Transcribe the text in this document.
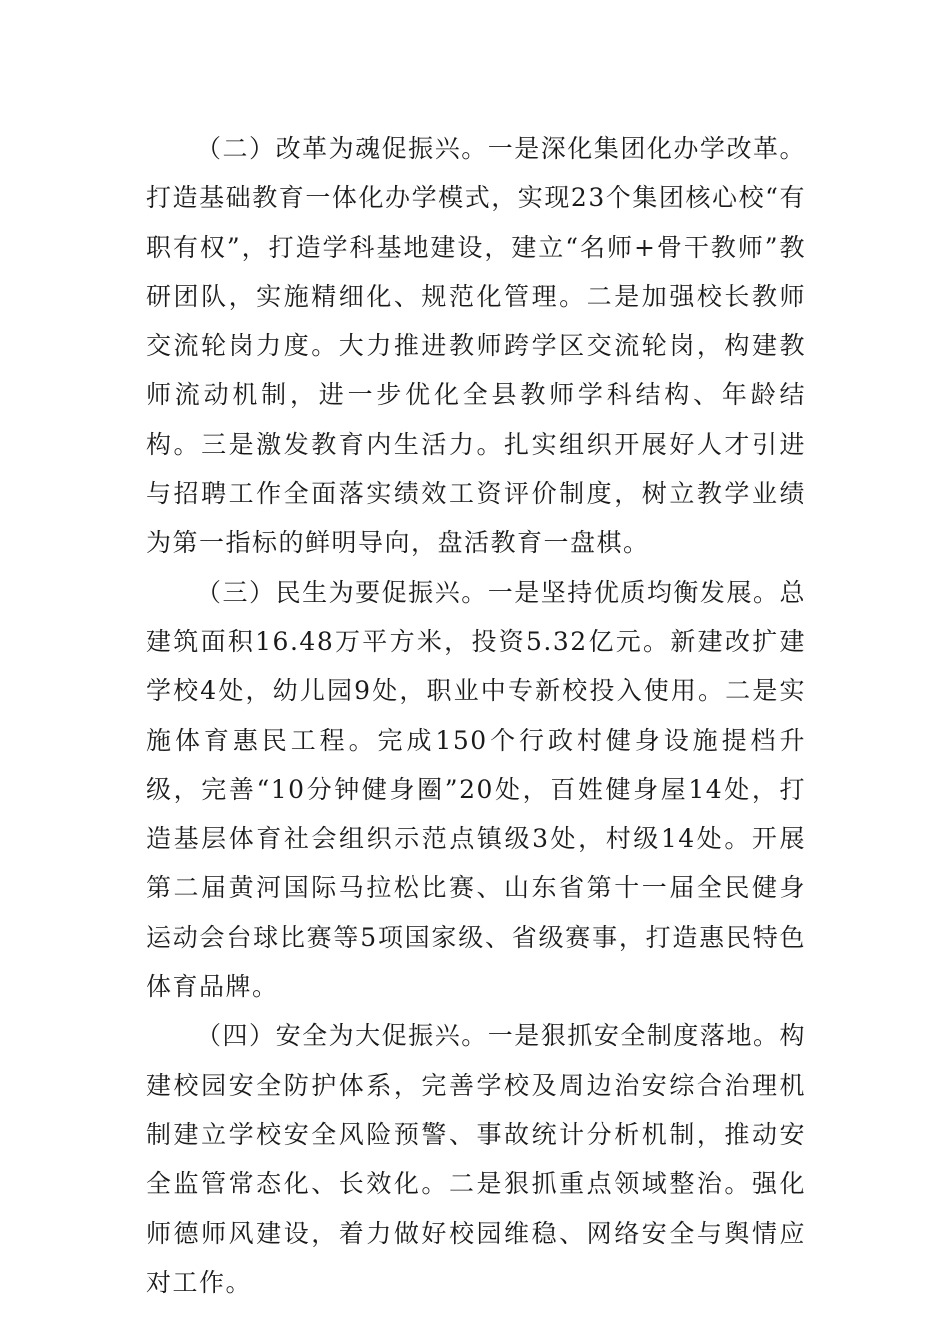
（二）改革为魂促振兴。一是深化集团化办学改革。打造基础教育一体化办学模式，实现23个集团核心校“有职有权”，打造学科基地建设，建立“名师+骨干教师”教研团队，实施精细化、规范化管理。二是加强校长教师交流轮岗力度。大力推进教师跨学区交流轮岗，构建教师流动机制，进一步优化全县教师学科结构、年龄结构。三是激发教育内生活力。扎实组织开展好人才引进与招聘工作全面落实绩效工资评价制度，树立教学业绩为第一指标的鲜明导向，盘活教育一盘棋。

（三）民生为要促振兴。一是坚持优质均衡发展。总建筑面积16.48万平方米，投资5.32亿元。新建改扩建学校4处，幼儿园9处，职业中专新校投入使用。二是实施体育惠民工程。完成150个行政村健身设施提档升级，完善“10分钟健身圈”20处，百姓健身屋14处，打造基层体育社会组织示范点镇级3处，村级14处。开展第二届黄河国际马拉松比赛、山东省第十一届全民健身运动会台球比赛等5项国家级、省级赛事，打造惠民特色体育品牌。

（四）安全为大促振兴。一是狠抓安全制度落地。构建校园安全防护体系，完善学校及周边治安综合治理机制建立学校安全风险预警、事故统计分析机制，推动安全监管常态化、长效化。二是狠抓重点领域整治。强化师德师风建设，着力做好校园维稳、网络安全与舆情应对工作。
